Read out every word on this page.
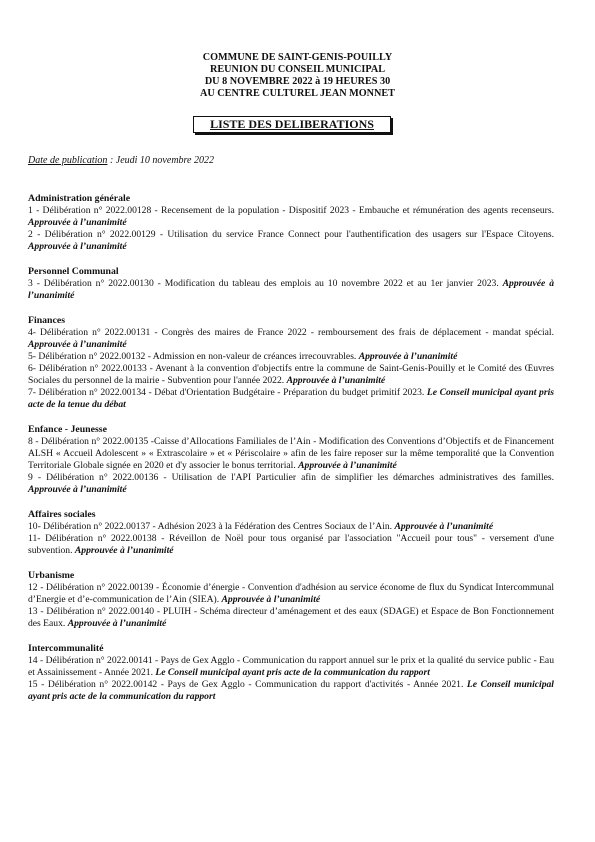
COMMUNE DE SAINT-GENIS-POUILLY
REUNION DU CONSEIL MUNICIPAL
DU 8 NOVEMBRE 2022 à 19 HEURES 30
AU CENTRE CULTUREL JEAN MONNET
LISTE DES DELIBERATIONS
Date de publication : Jeudi 10 novembre 2022
Administration générale
1 - Délibération n° 2022.00128 - Recensement de la population - Dispositif 2023 - Embauche et rémunération des agents recenseurs. Approuvée à l’unanimité
2 - Délibération n° 2022.00129 - Utilisation du service France Connect pour l'authentification des usagers sur l'Espace Citoyens. Approuvée à l’unanimité
Personnel Communal
3 - Délibération n° 2022.00130 - Modification du tableau des emplois au 10 novembre 2022 et au 1er janvier 2023. Approuvée à l’unanimité
Finances
4- Délibération n° 2022.00131 - Congrès des maires de France 2022 - remboursement des frais de déplacement - mandat spécial. Approuvée à l’unanimité
5- Délibération n° 2022.00132 - Admission en non-valeur de créances irrecouvrables. Approuvée à l’unanimité
6- Délibération n° 2022.00133 - Avenant à la convention d'objectifs entre la commune de Saint-Genis-Pouilly et le Comité des Œuvres Sociales du personnel de la mairie - Subvention pour l'année 2022. Approuvée à l’unanimité
7- Délibération n° 2022.00134 - Débat d'Orientation Budgétaire - Préparation du budget primitif 2023. Le Conseil municipal ayant pris acte de la tenue du débat
Enfance - Jeunesse
8 - Délibération n° 2022.00135 -Caisse d’Allocations Familiales de l’Ain - Modification des Conventions d’Objectifs et de Financement ALSH « Accueil Adolescent » « Extrascolaire » et « Périscolaire » afin de les faire reposer sur la même temporalité que la Convention Territoriale Globale signée en 2020 et d'y associer le bonus territorial. Approuvée à l’unanimité
9 - Délibération n° 2022.00136 - Utilisation de l'API Particulier afin de simplifier les démarches administratives des familles. Approuvée à l’unanimité
Affaires sociales
10- Délibération n° 2022.00137 - Adhésion 2023 à la Fédération des Centres Sociaux de l’Ain. Approuvée à l’unanimité
11- Délibération n° 2022.00138 - Réveillon de Noël pour tous organisé par l'association "Accueil pour tous" - versement d'une subvention. Approuvée à l’unanimité
Urbanisme
12 - Délibération n° 2022.00139 - Économie d’énergie - Convention d'adhésion au service économe de flux du Syndicat Intercommunal d’Energie et d’e-communication de l’Ain (SIEA). Approuvée à l’unanimité
13 - Délibération n° 2022.00140 - PLUIH - Schéma directeur d’aménagement et des eaux (SDAGE) et Espace de Bon Fonctionnement des Eaux. Approuvée à l’unanimité
Intercommunalité
14 - Délibération n° 2022.00141 - Pays de Gex Agglo - Communication du rapport annuel sur le prix et la qualité du service public - Eau et Assainissement - Année 2021. Le Conseil municipal ayant pris acte de la communication du rapport
15 - Délibération n° 2022.00142 - Pays de Gex Agglo - Communication du rapport d'activités - Année 2021. Le Conseil municipal ayant pris acte de la communication du rapport
